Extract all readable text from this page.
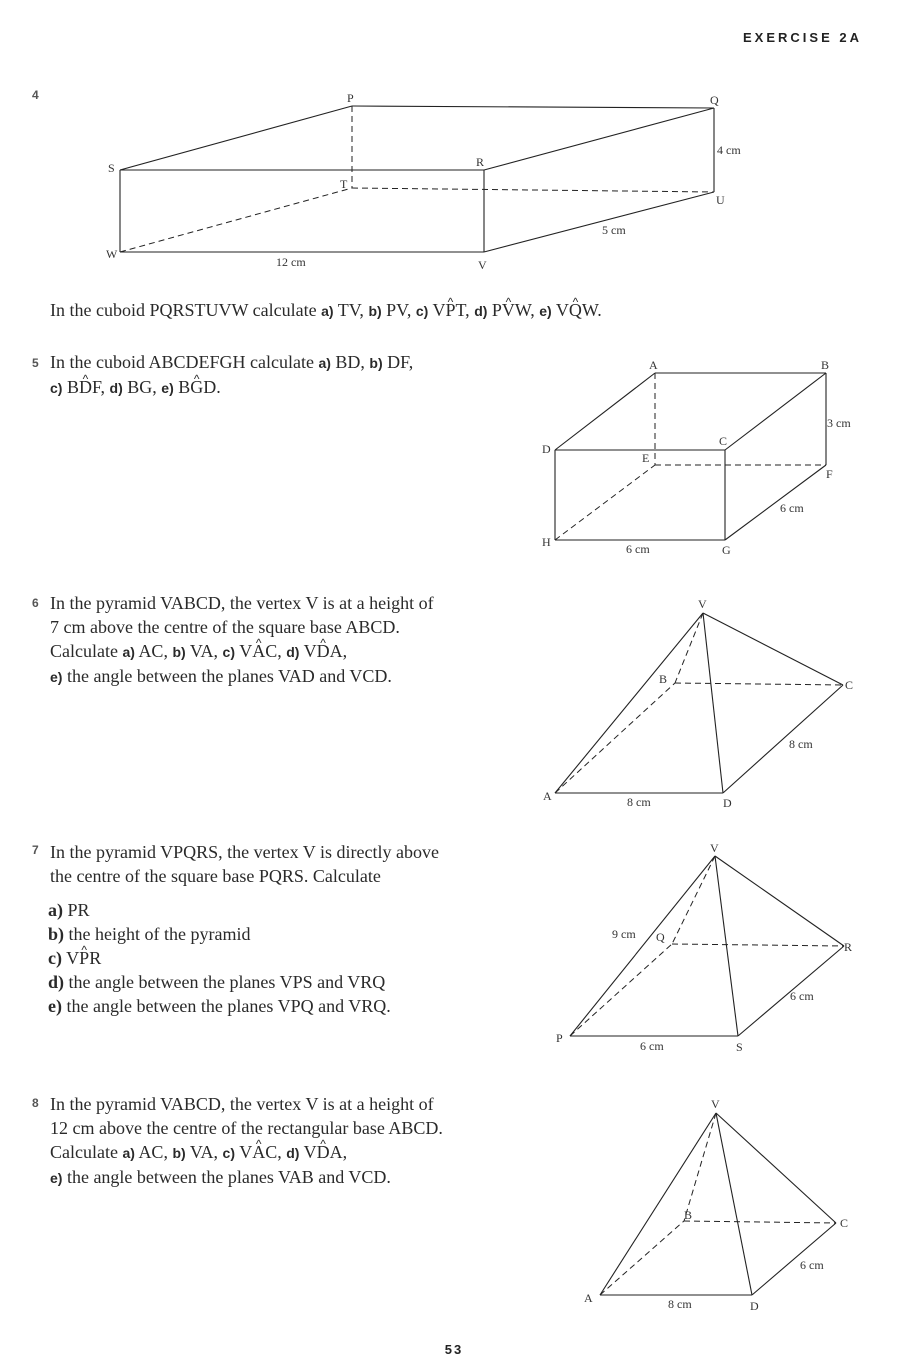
EXERCISE 2A
4	P	Q
R
S
T
U
V
W
4 cm
5 cm
12 cm
In the cuboid PQRSTUVW calculate a) TV, b) PV, c) V^ PT, d) P^ VW, e) V^ QW.
5 In the cuboid ABCDEFGH calculate a) BD, b) DF,
c) B^ DF, d) BG, e) B^ GD.
A	B
C
D
E
F
G
H
3 cm
6 cm
6 cm
6 In the pyramid VABCD, the vertex V is at a height of
7 cm above the centre of the square base ABCD.
Calculate a) AC, b) VA, c) V^ AC, d) V^ DA,
e) the angle between the planes VAD and VCD.
V
A
B	C
D
8 cm
8 cm
7 In the pyramid VPQRS, the vertex V is directly above
the centre of the square base PQRS. Calculate
a) PR
b) the height of the pyramid
c) V^ PR
d) the angle between the planes VPS and VRQ
e) the angle between the planes VPQ and VRQ.
V
P
Q
R
S
9 cm
6 cm
6 cm
8 In the pyramid VABCD, the vertex V is at a height of
12 cm above the centre of the rectangular base ABCD.
Calculate a) AC, b) VA, c) V^ AC, d) V^ DA,
e) the angle between the planes VAB and VCD.
V
A
B
C
D
6 cm
8 cm
53
